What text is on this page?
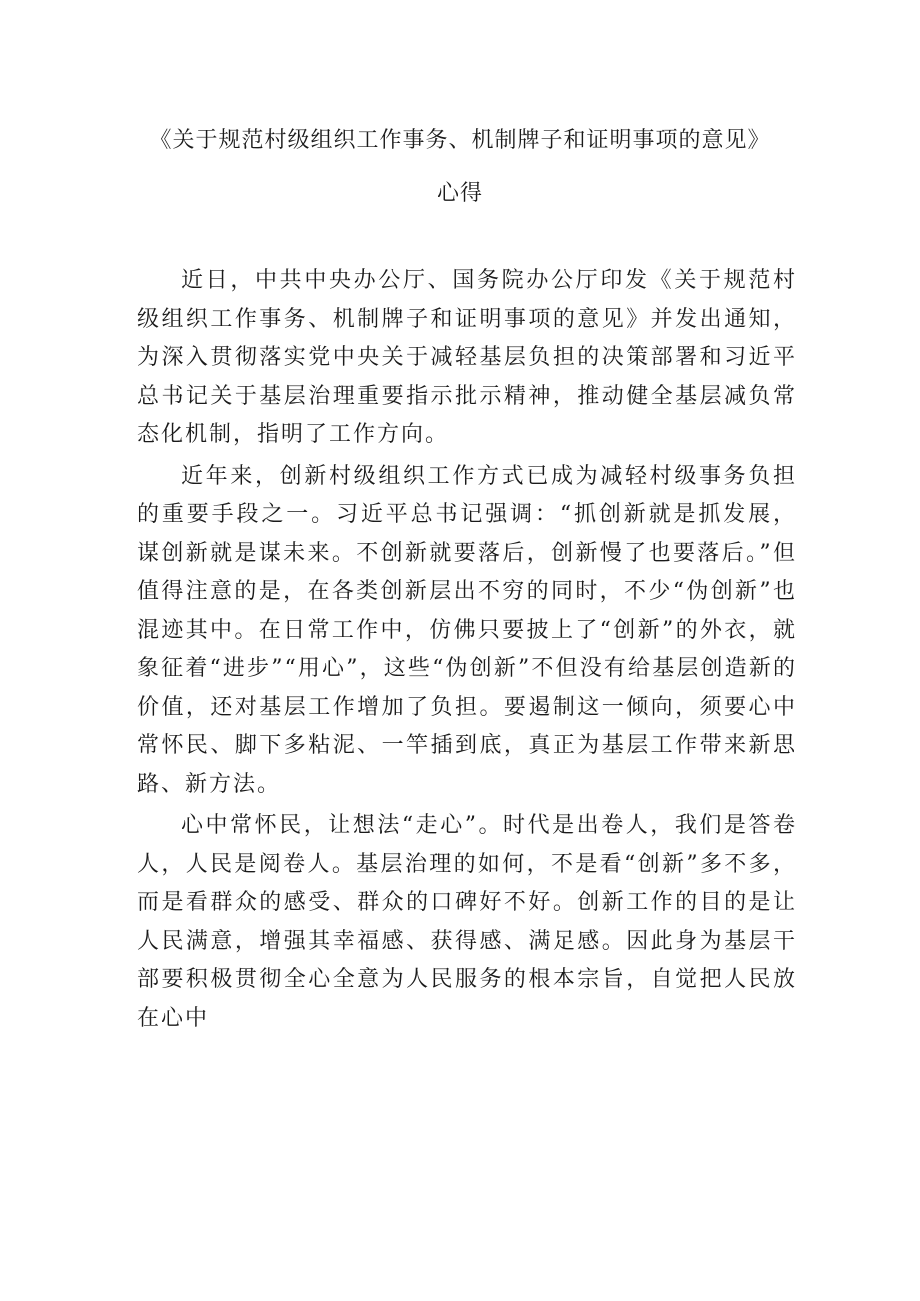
《关于规范村级组织工作事务、机制牌子和证明事项的意见》
心得

近日，中共中央办公厅、国务院办公厅印发《关于规范村级组织工作事务、机制牌子和证明事项的意见》并发出通知，为深入贯彻落实党中央关于减轻基层负担的决策部署和习近平总书记关于基层治理重要指示批示精神，推动健全基层减负常态化机制，指明了工作方向。

近年来，创新村级组织工作方式已成为减轻村级事务负担的重要手段之一。习近平总书记强调：“抓创新就是抓发展，谋创新就是谋未来。不创新就要落后，创新慢了也要落后。”但值得注意的是，在各类创新层出不穷的同时，不少“伪创新”也混迹其中。在日常工作中，仿佛只要披上了“创新”的外衣，就象征着“进步”“用心”，这些“伪创新”不但没有给基层创造新的价值，还对基层工作增加了负担。要遏制这一倾向，须要心中常怀民、脚下多粘泥、一竿插到底，真正为基层工作带来新思路、新方法。

心中常怀民，让想法“走心”。时代是出卷人，我们是答卷人，人民是阅卷人。基层治理的如何，不是看“创新”多不多，而是看群众的感受、群众的口碑好不好。创新工作的目的是让人民满意，增强其幸福感、获得感、满足感。因此身为基层干部要积极贯彻全心全意为人民服务的根本宗旨，自觉把人民放在心中
